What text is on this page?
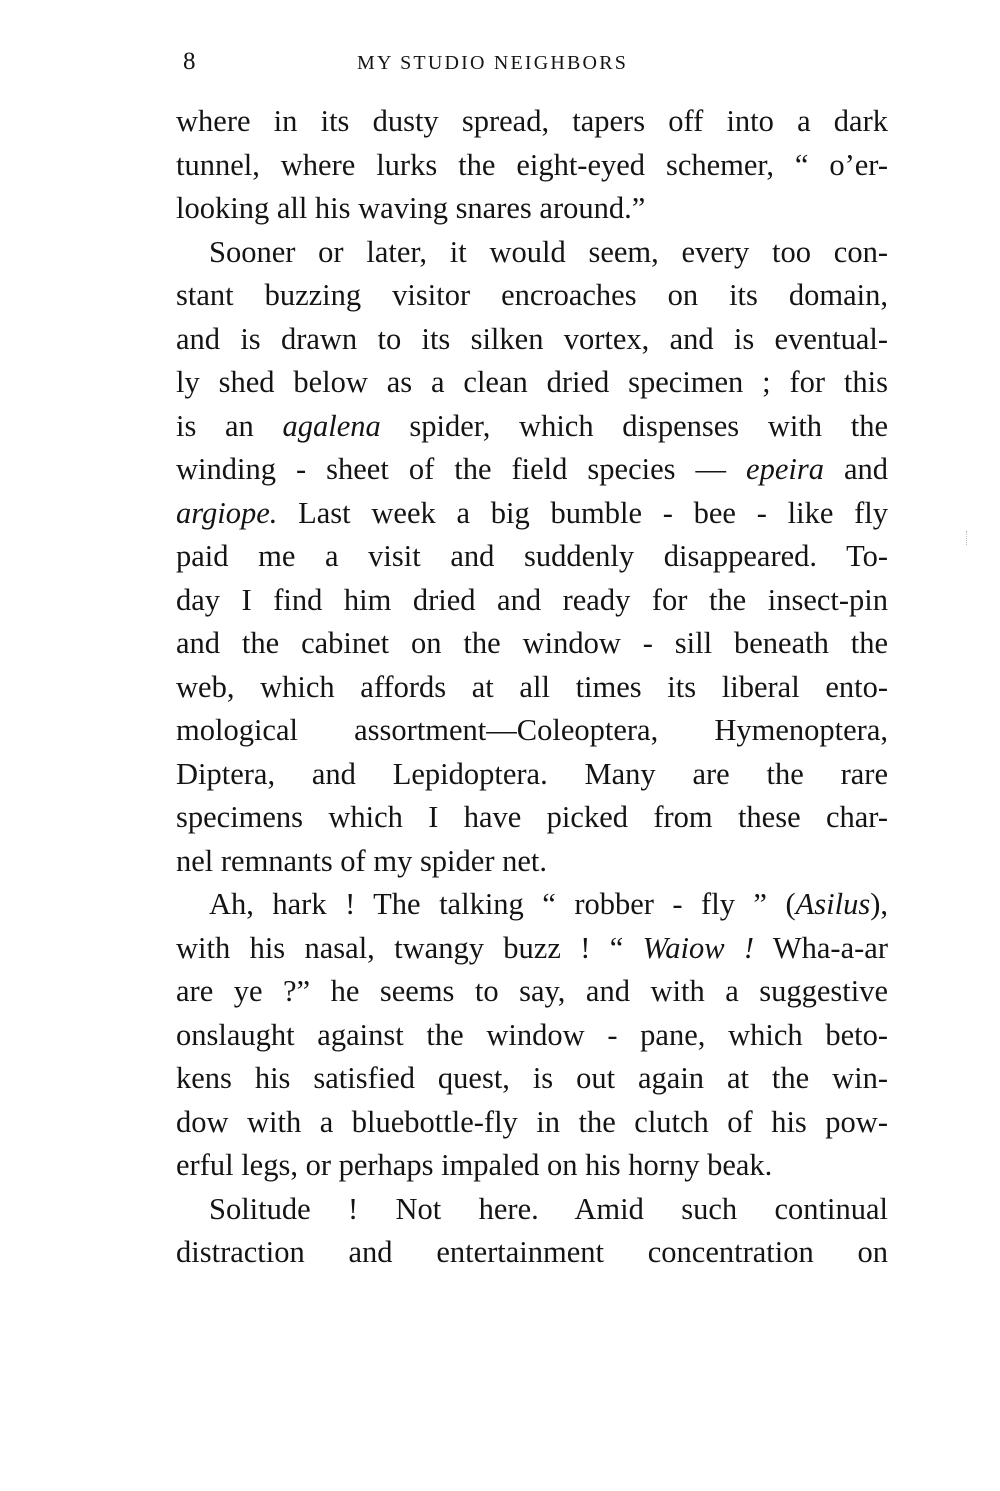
8	MY STUDIO NEIGHBORS
where in its dusty spread, tapers off into a dark
tunnel, where lurks the eight-eyed schemer, “ o’er-
looking all his waving snares around.”
Sooner or later, it would seem, every too con-
stant buzzing visitor encroaches on its domain,
and is drawn to its silken vortex, and is eventual-
ly shed below as a clean dried specimen ; for this
is an agalena spider, which dispenses with the
winding - sheet of the field species — epeira and
argiope. Last week a big bumble - bee - like fly
paid me a visit and suddenly disappeared. To-
day I find him dried and ready for the insect-pin
and the cabinet on the window - sill beneath the
web, which affords at all times its liberal ento-
mological assortment—Coleoptera, Hymenoptera,
Diptera, and Lepidoptera. Many are the rare
specimens which I have picked from these char-
nel remnants of my spider net.
Ah, hark ! The talking “ robber - fly ” (Asilus),
with his nasal, twangy buzz ! “ Waiow ! Wha-a-ar
are ye ?” he seems to say, and with a suggestive
onslaught against the window - pane, which beto-
kens his satisfied quest, is out again at the win-
dow with a bluebottle-fly in the clutch of his pow-
erful legs, or perhaps impaled on his horny beak.
Solitude ! Not here. Amid such continual
distraction and entertainment concentration on
